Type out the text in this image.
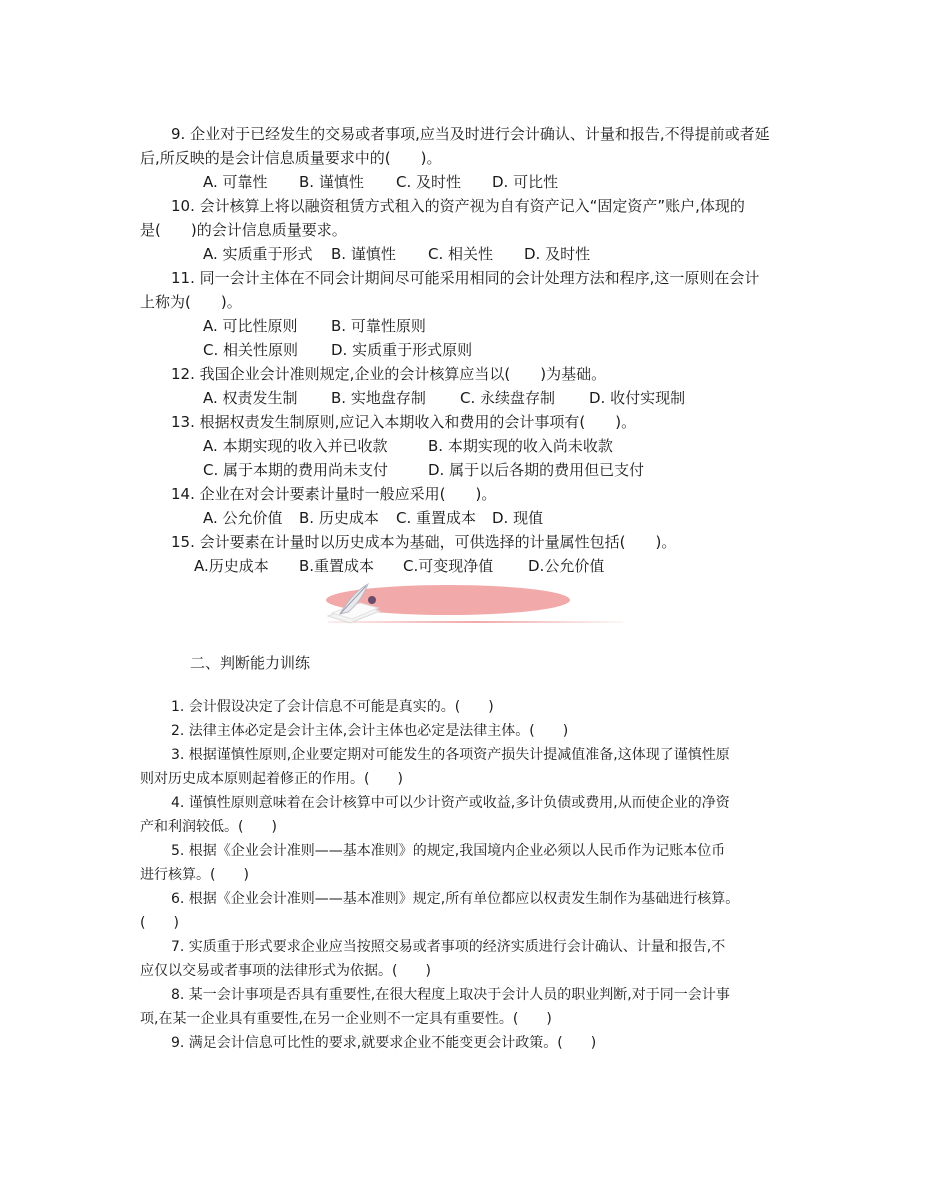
9. 企业对于已经发生的交易或者事项,应当及时进行会计确认、计量和报告,不得提前或者延
后,所反映的是会计信息质量要求中的(　　)。
A. 可靠性 B. 谨慎性 C. 及时性 D. 可比性
10. 会计核算上将以融资租赁方式租入的资产视为自有资产记入“固定资产”账户,体现的
是(　　)的会计信息质量要求。
A. 实质重于形式 B. 谨慎性 C. 相关性 D. 及时性
11. 同一会计主体在不同会计期间尽可能采用相同的会计处理方法和程序,这一原则在会计
上称为(　　)。
A. 可比性原则 B. 可靠性原则
C. 相关性原则 D. 实质重于形式原则
12. 我国企业会计准则规定,企业的会计核算应当以(　　)为基础。
A. 权责发生制 B. 实地盘存制 C. 永续盘存制 D. 收付实现制
13. 根据权责发生制原则,应记入本期收入和费用的会计事项有(　　)。
A. 本期实现的收入并已收款	B. 本期实现的收入尚未收款
C. 属于本期的费用尚未支付	D. 属于以后各期的费用但已支付
14. 企业在对会计要素计量时一般应采用(　　)。
A. 公允价值 B. 历史成本 C. 重置成本 D. 现值
15. 会计要素在计量时以历史成本为基础，可供选择的计量属性包括(　　)。
A.历史成本 B.重置成本 C.可变现净值 D.公允价值
二、判断能力训练
1. 会计假设决定了会计信息不可能是真实的。(　　)
2. 法律主体必定是会计主体,会计主体也必定是法律主体。(　　)
3. 根据谨慎性原则,企业要定期对可能发生的各项资产损失计提减值准备,这体现了谨慎性原
则对历史成本原则起着修正的作用。(　　)
4. 谨慎性原则意味着在会计核算中可以少计资产或收益,多计负债或费用,从而使企业的净资
产和利润较低。(　　)
5. 根据《企业会计准则——基本准则》的规定,我国境内企业必须以人民币作为记账本位币
进行核算。(　　)
6. 根据《企业会计准则——基本准则》规定,所有单位都应以权责发生制作为基础进行核算。
(　　)
7. 实质重于形式要求企业应当按照交易或者事项的经济实质进行会计确认、计量和报告,不
应仅以交易或者事项的法律形式为依据。(　　)
8. 某一会计事项是否具有重要性,在很大程度上取决于会计人员的职业判断,对于同一会计事
项,在某一企业具有重要性,在另一企业则不一定具有重要性。(　　)
9. 满足会计信息可比性的要求,就要求企业不能变更会计政策。(　　)
